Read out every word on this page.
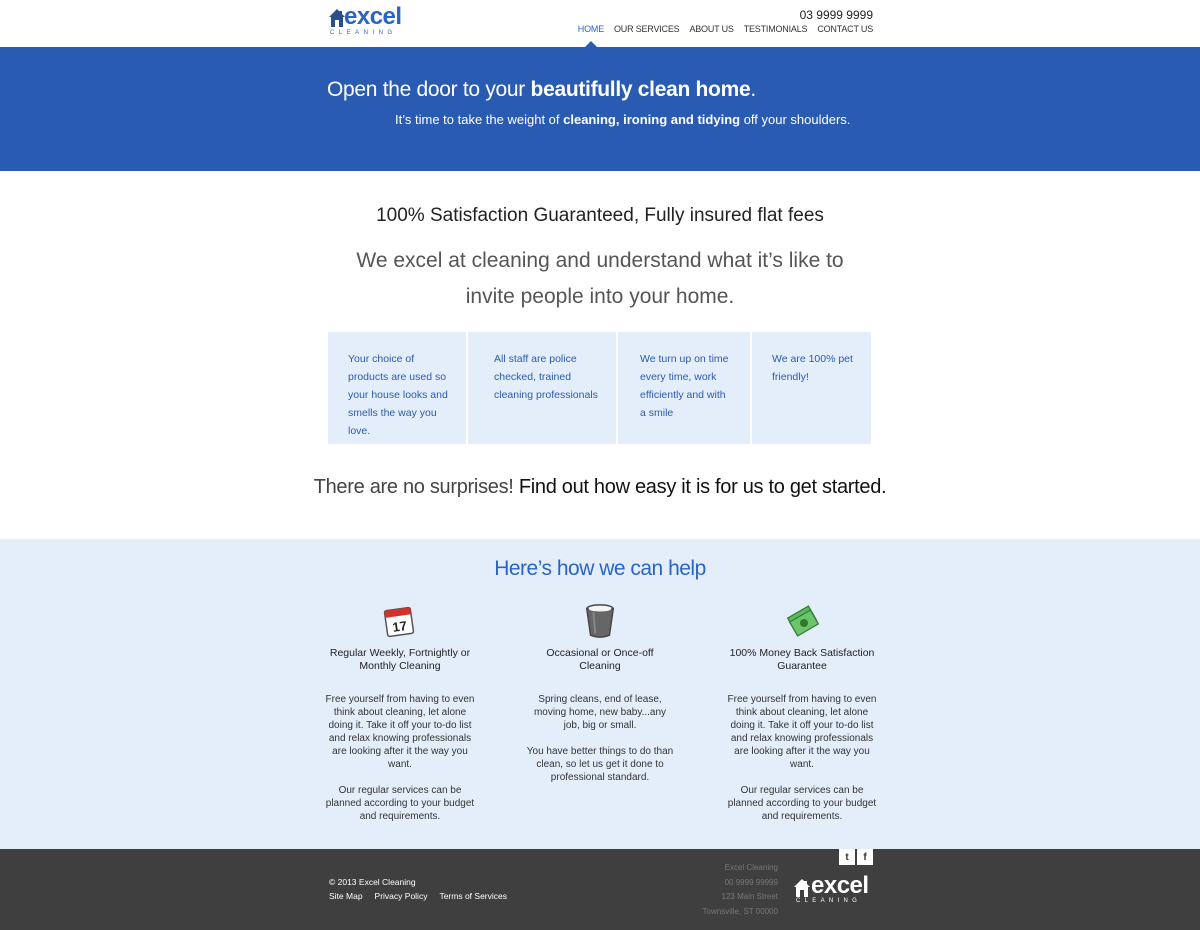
excel
CLEANING
03 9999 9999
HOME OUR SERVICES ABOUT US TESTIMONIALS CONTACT US
Open the door to your beautifully clean home.
It’s time to take the weight of cleaning, ironing and tidying off your shoulders.
100% Satisfaction Guaranteed, Fully insured flat fees
We excel at cleaning and understand what it’s like to invite people into your home.
Your choice of products are used so your house looks and smells the way you love.
All staff are police checked, trained cleaning professionals
We turn up on time every time, work efficiently and with a smile
We are 100% pet friendly!
There are no surprises! Find out how easy it is for us to get started.
Here’s how we can help
17
Regular Weekly, Fortnightly or Monthly Cleaning
Free yourself from having to even think about cleaning, let alone doing it. Take it off your to-do list and relax knowing professionals are looking after it the way you want.

Our regular services can be planned according to your budget and requirements.
Occasional or Once-off Cleaning
Spring cleans, end of lease, moving home, new baby...any job, big or small.

You have better things to do than clean, so let us get it done to professional standard.
100% Money Back Satisfaction Guarantee
Free yourself from having to even think about cleaning, let alone doing it. Take it off your to-do list and relax knowing professionals are looking after it the way you want.

Our regular services can be planned according to your budget and requirements.
© 2013 Excel Cleaning
Site Map Privacy Policy Terms of Services
Excel Cleaning
00 9999 99999
123 Main Street
Townsville, ST 00000
t	f
excel
CLEANING
